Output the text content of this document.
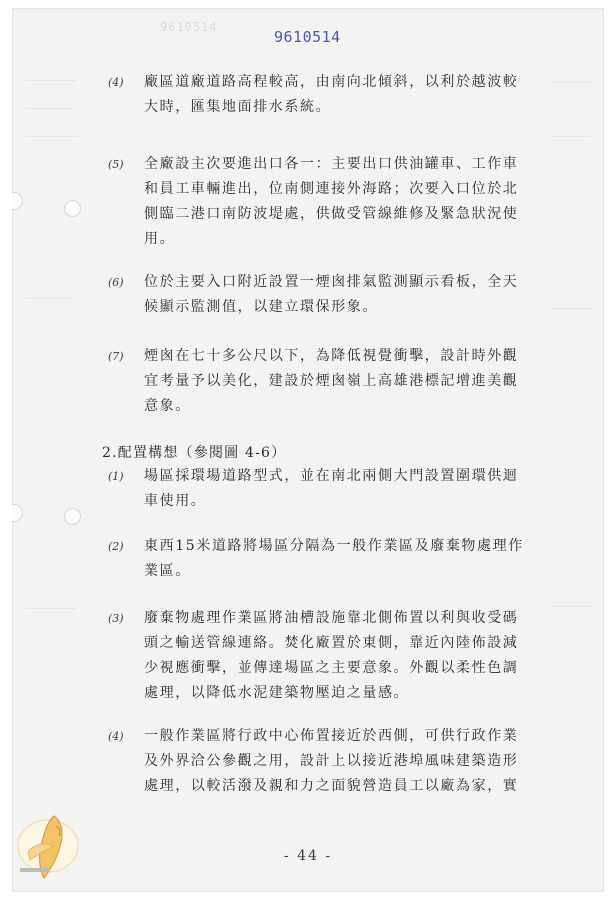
9610514
9610514
(4) 廠區道廠道路高程較高，由南向北傾斜，以利於越波較
大時，匯集地面排水系統。
(5) 全廠設主次要進出口各一：主要出口供油罐車、工作車
和員工車輛進出，位南側連接外海路；次要入口位於北
側臨二港口南防波堤處，供做受管線維修及緊急狀況使
用。
(6) 位於主要入口附近設置一煙囪排氣監測顯示看板，全天
候顯示監測值，以建立環保形象。
(7) 煙囪在七十多公尺以下，為降低視覺衝擊，設計時外觀
宜考量予以美化，建設於煙囪嶺上高雄港標記增進美觀
意象。
2.配置構想（參閱圖 4-6）
(1) 場區採環場道路型式，並在南北兩側大門設置圍環供迴
車使用。
(2) 東西15米道路將場區分隔為一般作業區及廢棄物處理作
業區。
(3) 廢棄物處理作業區將油槽設施靠北側佈置以利與收受碼
頭之輸送管線連絡。焚化廠置於東側，靠近內陸佈設減
少視應衝擊，並傳達場區之主要意象。外觀以柔性色調
處理，以降低水泥建築物壓迫之量感。
(4) 一般作業區將行政中心佈置接近於西側，可供行政作業
及外界洽公參觀之用，設計上以接近港埠風味建築造形
處理，以較活潑及親和力之面貌營造員工以廠為家，實
- 44 -
